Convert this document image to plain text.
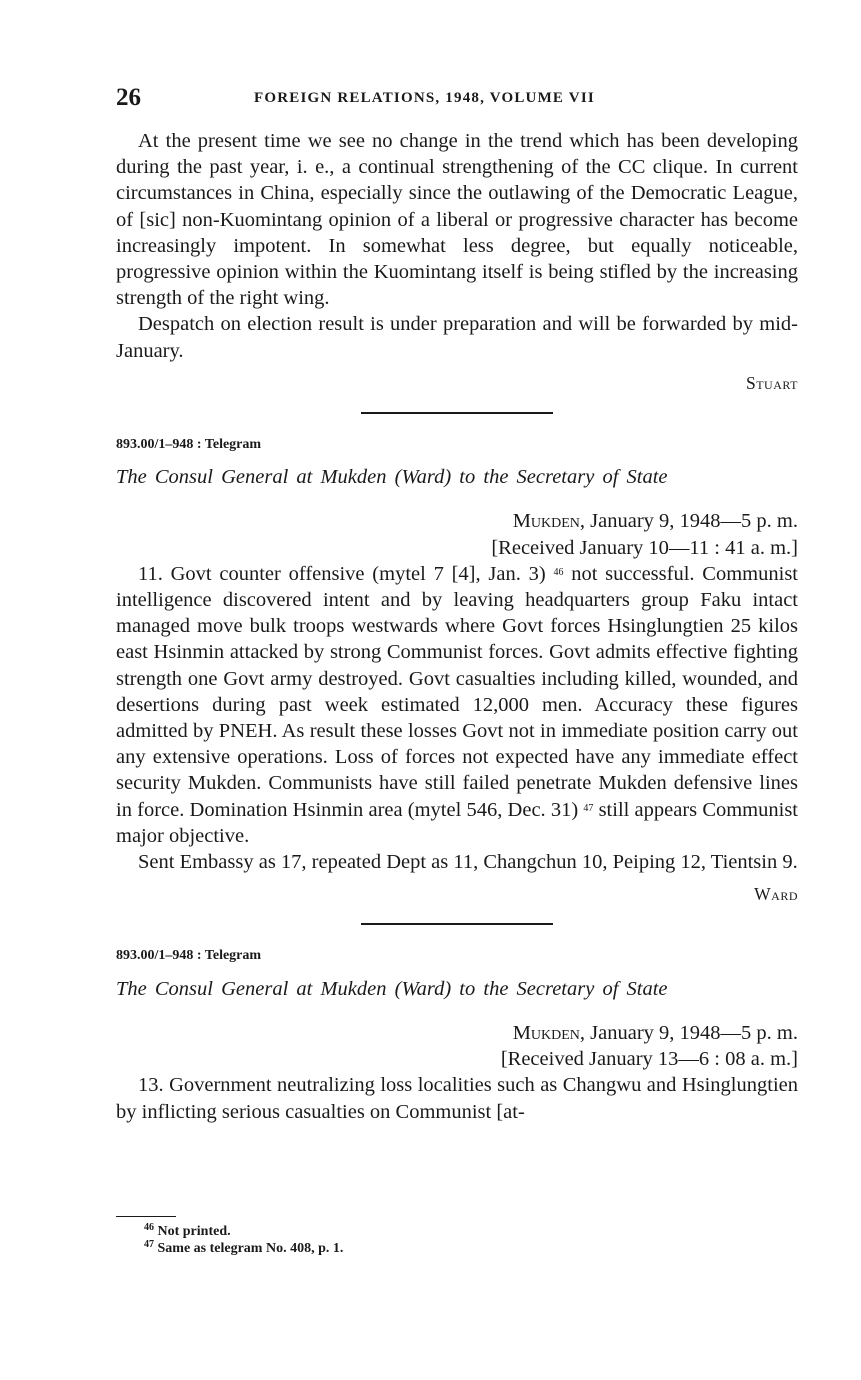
26	FOREIGN RELATIONS, 1948, VOLUME VII

At the present time we see no change in the trend which has been developing during the past year, i. e., a continual strengthening of the CC clique. In current circumstances in China, especially since the outlawing of the Democratic League, of [sic] non-Kuomintang opinion of a liberal or progressive character has become increasingly impotent. In somewhat less degree, but equally noticeable, progressive opinion within the Kuomintang itself is being stifled by the increasing strength of the right wing.

Despatch on election result is under preparation and will be forwarded by mid-January.

Stuart

893.00/1–948 : Telegram

The Consul General at Mukden (Ward) to the Secretary of State

Mukden, January 9, 1948—5 p. m.

[Received January 10—11 : 41 a. m.]

11. Govt counter offensive (mytel 7 [4], Jan. 3) $^{46}$ not successful. Communist intelligence discovered intent and by leaving headquarters group Faku intact managed move bulk troops westwards where Govt forces Hsinglungtien 25 kilos east Hsinmin attacked by strong Communist forces. Govt admits effective fighting strength one Govt army destroyed. Govt casualties including killed, wounded, and desertions during past week estimated 12,000 men. Accuracy these figures admitted by PNEH. As result these losses Govt not in immediate position carry out any extensive operations. Loss of forces not expected have any immediate effect security Mukden. Communists have still failed penetrate Mukden defensive lines in force. Domination Hsinmin area (mytel 546, Dec. 31) $^{47}$ still appears Communist major objective.

Sent Embassy as 17, repeated Dept as 11, Changchun 10, Peiping 12, Tientsin 9.

Ward

893.00/1–948 : Telegram

The Consul General at Mukden (Ward) to the Secretary of State

Mukden, January 9, 1948—5 p. m.

[Received January 13—6 : 08 a. m.]

13. Government neutralizing loss localities such as Changwu and Hsinglungtien by inflicting serious casualties on Communist [at-

$^{46}$ Not printed.

$^{47}$ Same as telegram No. 408, p. 1.
